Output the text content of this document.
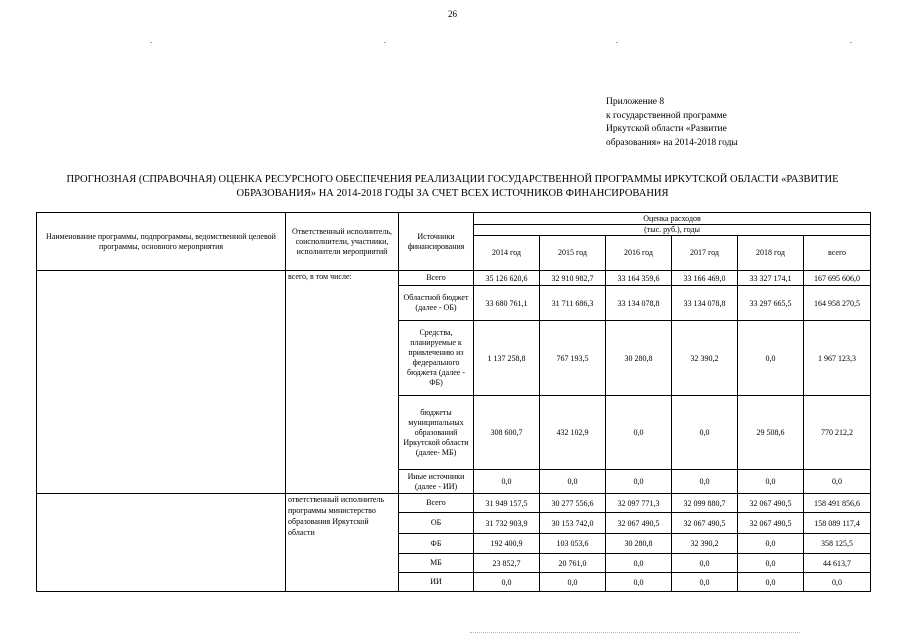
26
.	.	.	.
Приложение 8
к государственной программе
Иркутской области «Развитие
образования» на 2014-2018 годы
ПРОГНОЗНАЯ (СПРАВОЧНАЯ) ОЦЕНКА РЕСУРСНОГО ОБЕСПЕЧЕНИЯ РЕАЛИЗАЦИИ ГОСУДАРСТВЕННОЙ ПРОГРАММЫ ИРКУТСКОЙ ОБЛАСТИ «РАЗВИТИЕ
ОБРАЗОВАНИЯ» НА 2014-2018 ГОДЫ ЗА СЧЕТ ВСЕХ ИСТОЧНИКОВ ФИНАНСИРОВАНИЯ
Наименование программы, подпрограммы, ведомственной целевой программы, основного мероприятия	Ответственный исполнитель, соисполнители, участники, исполнители мероприятий	Источники финансирования	Оценка расходов					
			(тыс. руб.), годы					
			2014 год	2015 год	2016 год	2017 год	2018 год	всего
	всего, в том числе:	Всего	35 126 620,6	32 910 982,7	33 164 359,6	33 166 469,0	33 327 174,1	167 695 606,0
		Областной бюджет (далее - ОБ)	33 680 761,1	31 711 686,3	33 134 078,8	33 134 078,8	33 297 665,5	164 958 270,5
		Средства, планируемые к привлечению из федерального бюджета (далее - ФБ)	1 137 258,8	767 193,5	30 280,8	32 390,2	0,0	1 967 123,3
		бюджеты муниципальных образований Иркутской области (далее- МБ)	308 600,7	432 102,9	0,0	0,0	29 508,6	770 212,2
		Иные источники (далее - ИИ)	0,0	0,0	0,0	0,0	0,0	0,0
	ответственный исполнитель программы министерство образования Иркутской области	Всего	31 949 157,5	30 277 556,6	32 097 771,3	32 099 880,7	32 067 490,5	158 491 856,6
		ОБ	31 732 903,9	30 153 742,0	32 067 490,5	32 067 490,5	32 067 490,5	158 089 117,4
		ФБ	192 400,9	103 053,6	30 280,8	32 390,2	0,0	358 125,5
		МБ	23 852,7	20 761,0	0,0	0,0	0,0	44 613,7
		ИИ	0,0	0,0	0,0	0,0	0,0	0,0
